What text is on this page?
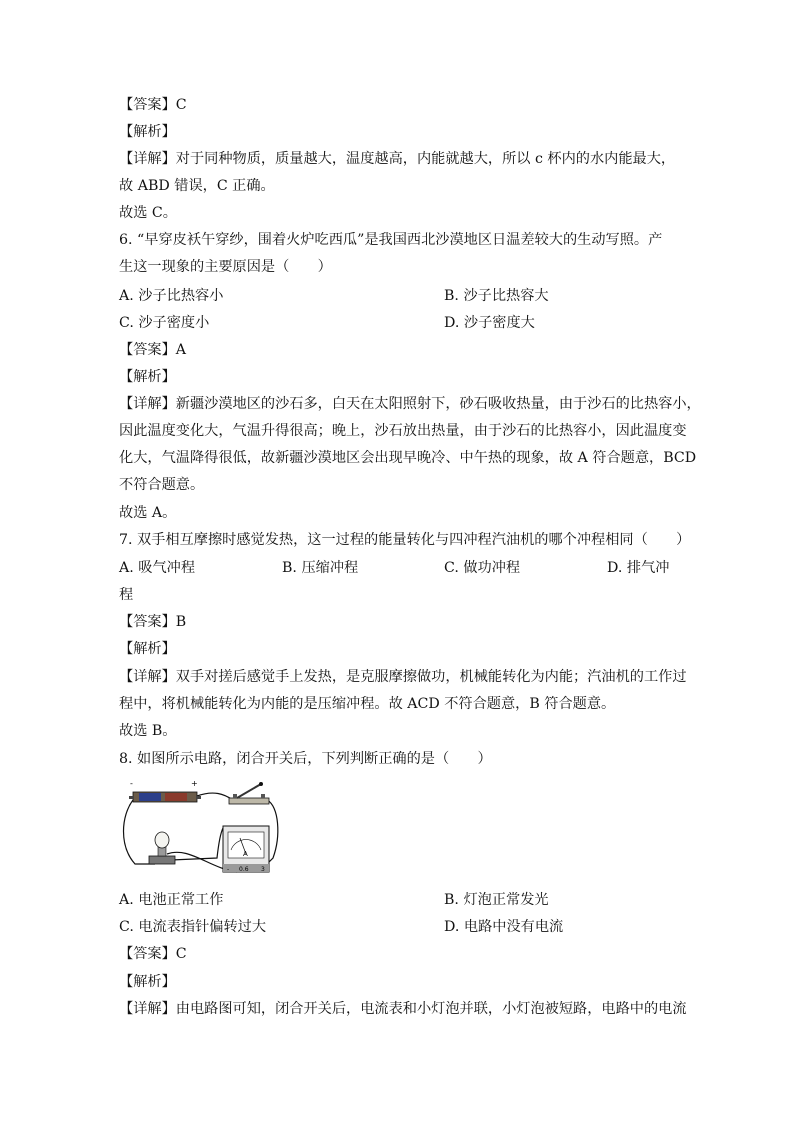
【答案】C
【解析】
【详解】对于同种物质，质量越大，温度越高，内能就越大，所以 c 杯内的水内能最大，
故 ABD 错误，C 正确。
故选 C。
6. “早穿皮袄午穿纱，围着火炉吃西瓜”是我国西北沙漠地区日温差较大的生动写照。产
生这一现象的主要原因是（　　）
A. 沙子比热容小	B. 沙子比热容大
C. 沙子密度小	D. 沙子密度大
【答案】A
【解析】
【详解】新疆沙漠地区的沙石多，白天在太阳照射下，砂石吸收热量，由于沙石的比热容小，
因此温度变化大，气温升得很高；晚上，沙石放出热量，由于沙石的比热容小，因此温度变
化大，气温降得很低，故新疆沙漠地区会出现早晚冷、中午热的现象，故 A 符合题意，BCD
不符合题意。
故选 A。
7. 双手相互摩擦时感觉发热，这一过程的能量转化与四冲程汽油机的哪个冲程相同（　　）
A. 吸气冲程	B. 压缩冲程	C. 做功冲程	D. 排气冲
程
【答案】B
【解析】
【详解】双手对搓后感觉手上发热，是克服摩擦做功，机械能转化为内能；汽油机的工作过
程中，将机械能转化为内能的是压缩冲程。故 ACD 不符合题意，B 符合题意。
故选 B。
8. 如图所示电路，闭合开关后，下列判断正确的是（　　）
-	+
A
- 0.6 3
A. 电池正常工作	B. 灯泡正常发光
C. 电流表指针偏转过大	D. 电路中没有电流
【答案】C
【解析】
【详解】由电路图可知，闭合开关后，电流表和小灯泡并联，小灯泡被短路，电路中的电流
